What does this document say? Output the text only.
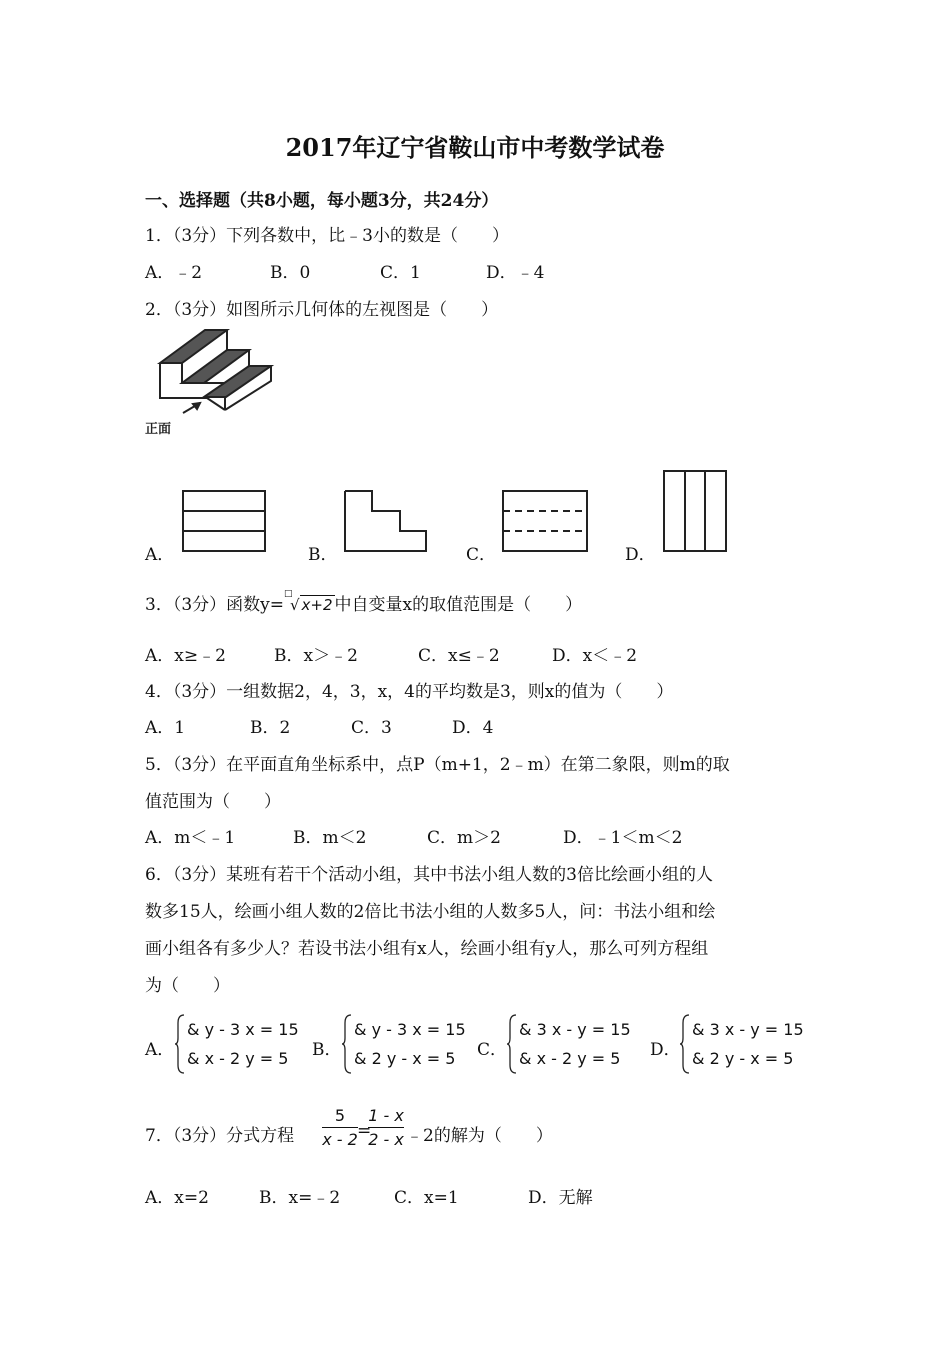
2017年辽宁省鞍山市中考数学试卷
一、选择题（共8小题，每小题3分，共24分）
1．（3分）下列各数中，比﹣3小的数是（　　）
A．﹣2	B．0	C．1	D．﹣4
2．（3分）如图所示几何体的左视图是（　　）
正面
A．	B．	C．	D．
3．（3分）函数y=
□
√ x+2 中自变量x的取值范围是（　　）
A．x≥﹣2	B．x＞﹣2	C．x≤﹣2	D．x＜﹣2
4．（3分）一组数据2，4，3，x，4的平均数是3，则x的值为（　　）
A．1	B．2	C．3	D．4
5．（3分）在平面直角坐标系中，点P（m+1，2﹣m）在第二象限，则m的取
值范围为（　　）
A．m＜﹣1	B．m＜2	C．m＞2	D．﹣1＜m＜2
6．（3分）某班有若干个活动小组，其中书法小组人数的3倍比绘画小组的人
数多15人，绘画小组人数的2倍比书法小组的人数多5人，问：书法小组和绘
画小组各有多少人？若设书法小组有x人，绘画小组有y人，那么可列方程组
为（　　）
A．
& y - 3 x = 15
& x - 2 y = 5 B．
& y - 3 x = 15
& 2 y - x = 5 C．
& 3 x - y = 15
& x - 2 y = 5 D．
& 3 x - y = 15
& 2 y - x = 5
7．（3分）分式方程
5
x - 2 =
1 - x
2 - x ﹣2的解为（　　）
A．x=2	B．x=﹣2	C．x=1	D．无解
